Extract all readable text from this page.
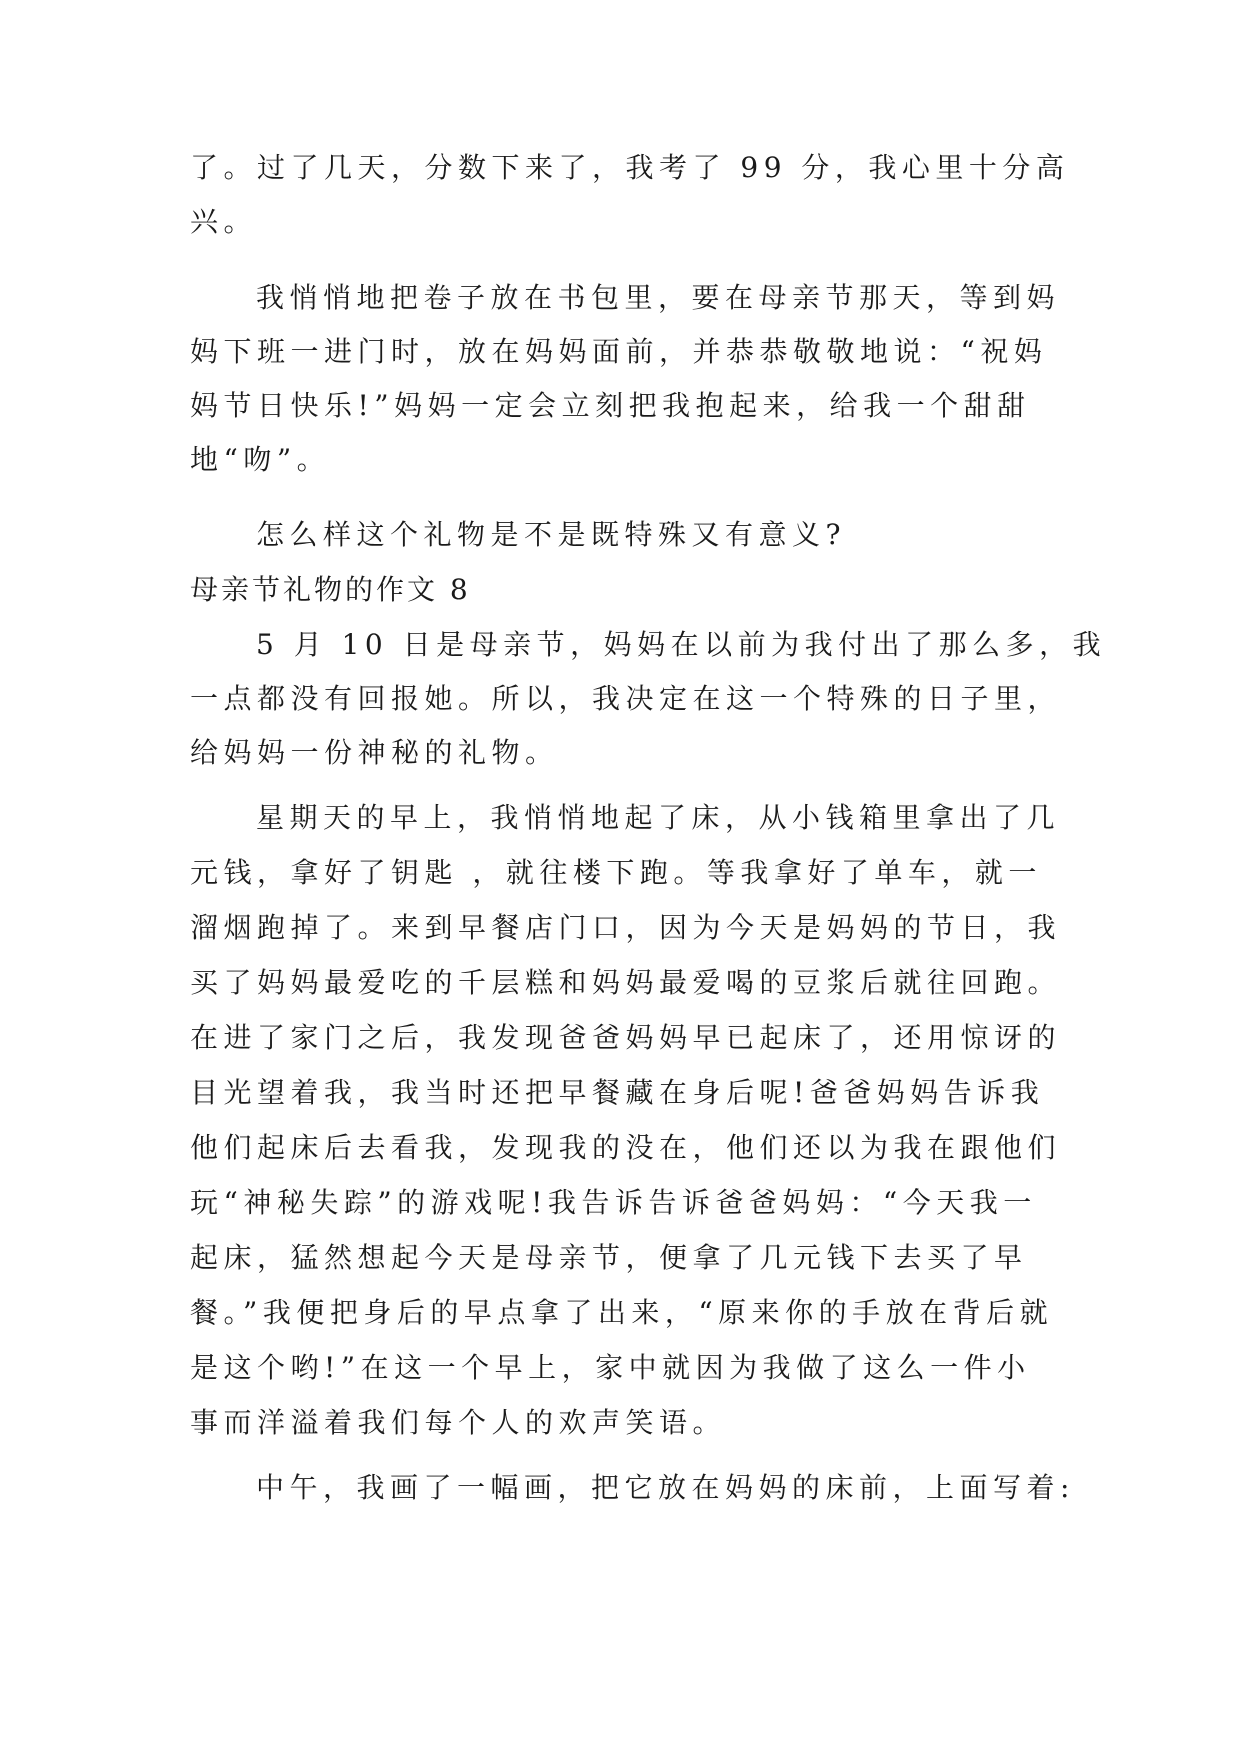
了。过了几天，分数下来了，我考了 99 分，我心里十分高
兴。
我悄悄地把卷子放在书包里，要在母亲节那天，等到妈
妈下班一进门时，放在妈妈面前，并恭恭敬敬地说：“祝妈
妈节日快乐!”妈妈一定会立刻把我抱起来，给我一个甜甜
地“吻”。
怎么样这个礼物是不是既特殊又有意义?
母亲节礼物的作文 8
5 月 10 日是母亲节，妈妈在以前为我付出了那么多，我
一点都没有回报她。所以，我决定在这一个特殊的日子里，
给妈妈一份神秘的礼物。
星期天的早上，我悄悄地起了床，从小钱箱里拿出了几
元钱，拿好了钥匙 ，就往楼下跑。等我拿好了单车，就一
溜烟跑掉了。来到早餐店门口，因为今天是妈妈的节日，我
买了妈妈最爱吃的千层糕和妈妈最爱喝的豆浆后就往回跑。
在进了家门之后，我发现爸爸妈妈早已起床了，还用惊讶的
目光望着我，我当时还把早餐藏在身后呢!爸爸妈妈告诉我
他们起床后去看我，发现我的没在，他们还以为我在跟他们
玩“神秘失踪”的游戏呢!我告诉告诉爸爸妈妈：“今天我一
起床，猛然想起今天是母亲节，便拿了几元钱下去买了早
餐。”我便把身后的早点拿了出来，“原来你的手放在背后就
是这个哟!”在这一个早上，家中就因为我做了这么一件小
事而洋溢着我们每个人的欢声笑语。
中午，我画了一幅画，把它放在妈妈的床前，上面写着:
